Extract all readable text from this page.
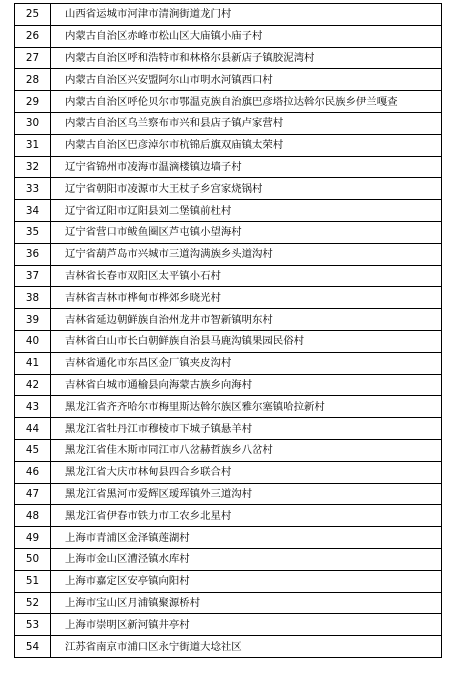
25	山西省运城市河津市清涧街道龙门村
26	内蒙古自治区赤峰市松山区大庙镇小庙子村
27	内蒙古自治区呼和浩特市和林格尔县新店子镇胶泥湾村
28	内蒙古自治区兴安盟阿尔山市明水河镇西口村
29	内蒙古自治区呼伦贝尔市鄂温克族自治旗巴彦塔拉达斡尔民族乡伊兰嘎查
30	内蒙古自治区乌兰察布市兴和县店子镇卢家营村
31	内蒙古自治区巴彦淖尔市杭锦后旗双庙镇太荣村
32	辽宁省锦州市凌海市温滴楼镇边墙子村
33	辽宁省朝阳市凌源市大王杖子乡宫家烧锅村
34	辽宁省辽阳市辽阳县刘二堡镇前杜村
35	辽宁省营口市鲅鱼圈区芦屯镇小望海村
36	辽宁省葫芦岛市兴城市三道沟满族乡头道沟村
37	吉林省长春市双阳区太平镇小石村
38	吉林省吉林市桦甸市桦郊乡晓光村
39	吉林省延边朝鲜族自治州龙井市智新镇明东村
40	吉林省白山市长白朝鲜族自治县马鹿沟镇果园民俗村
41	吉林省通化市东昌区金厂镇夹皮沟村
42	吉林省白城市通榆县向海蒙古族乡向海村
43	黑龙江省齐齐哈尔市梅里斯达斡尔族区雅尔塞镇哈拉新村
44	黑龙江省牡丹江市穆棱市下城子镇悬羊村
45	黑龙江省佳木斯市同江市八岔赫哲族乡八岔村
46	黑龙江省大庆市林甸县四合乡联合村
47	黑龙江省黑河市爱辉区瑷珲镇外三道沟村
48	黑龙江省伊春市铁力市工农乡北星村
49	上海市青浦区金泽镇莲湖村
50	上海市金山区漕泾镇水库村
51	上海市嘉定区安亭镇向阳村
52	上海市宝山区月浦镇聚源桥村
53	上海市崇明区新河镇井亭村
54	江苏省南京市浦口区永宁街道大埝社区
